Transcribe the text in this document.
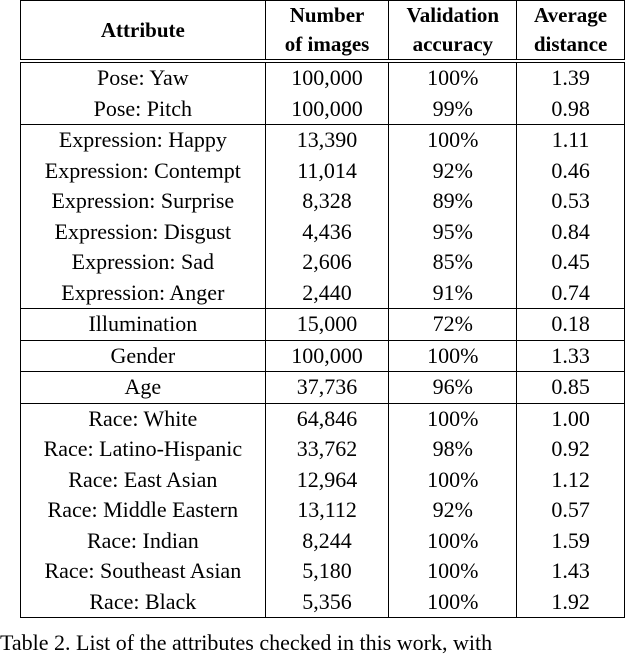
Attribute	Number	Validation	Average
	of images	accuracy	distance
Pose: Yaw	100,000	100%	1.39
Pose: Pitch	100,000	99%	0.98
Expression: Happy	13,390	100%	1.11
Expression: Contempt	11,014	92%	0.46
Expression: Surprise	8,328	89%	0.53
Expression: Disgust	4,436	95%	0.84
Expression: Sad	2,606	85%	0.45
Expression: Anger	2,440	91%	0.74
Illumination	15,000	72%	0.18
Gender	100,000	100%	1.33
Age	37,736	96%	0.85
Race: White	64,846	100%	1.00
Race: Latino-Hispanic	33,762	98%	0.92
Race: East Asian	12,964	100%	1.12
Race: Middle Eastern	13,112	92%	0.57
Race: Indian	8,244	100%	1.59
Race: Southeast Asian	5,180	100%	1.43
Race: Black	5,356	100%	1.92
Table 2. List of the attributes checked in this work, with
